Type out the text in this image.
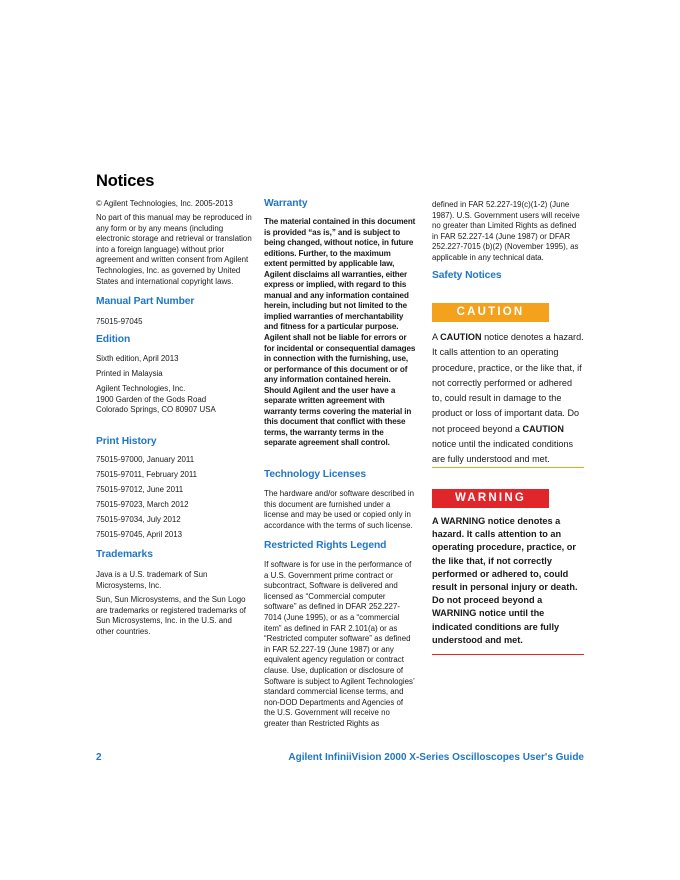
Notices
© Agilent Technologies, Inc. 2005-2013
No part of this manual may be reproduced in any form or by any means (including electronic storage and retrieval or translation into a foreign language) without prior agreement and written consent from Agilent Technologies, Inc. as governed by United States and international copyright laws.
Manual Part Number
75015-97045
Edition
Sixth edition, April 2013
Printed in Malaysia
Agilent Technologies, Inc.
1900 Garden of the Gods Road
Colorado Springs, CO 80907 USA
Print History
75015-97000, January 2011
75015-97011, February 2011
75015-97012, June 2011
75015-97023, March 2012
75015-97034, July 2012
75015-97045, April 2013
Trademarks
Java is a U.S. trademark of Sun Microsystems, Inc.
Sun, Sun Microsystems, and the Sun Logo are trademarks or registered trademarks of Sun Microsystems, Inc. in the U.S. and other countries.
Warranty
The material contained in this document is provided “as is,” and is subject to being changed, without notice, in future editions. Further, to the maximum extent permitted by applicable law, Agilent disclaims all warranties, either express or implied, with regard to this manual and any information contained herein, including but not limited to the implied warranties of merchantability and fitness for a particular purpose. Agilent shall not be liable for errors or for incidental or consequential damages in connection with the furnishing, use, or performance of this document or of any information contained herein. Should Agilent and the user have a separate written agreement with warranty terms covering the material in this document that conflict with these terms, the warranty terms in the separate agreement shall control.
Technology Licenses
The hardware and/or software described in this document are furnished under a license and may be used or copied only in accordance with the terms of such license.
Restricted Rights Legend
If software is for use in the performance of a U.S. Government prime contract or subcontract, Software is delivered and licensed as “Commercial computer software” as defined in DFAR 252.227-7014 (June 1995), or as a “commercial item” as defined in FAR 2.101(a) or as “Restricted computer software” as defined in FAR 52.227-19 (June 1987) or any equivalent agency regulation or contract clause. Use, duplication or disclosure of Software is subject to Agilent Technologies’ standard commercial license terms, and non-DOD Departments and Agencies of the U.S. Government will receive no greater than Restricted Rights as
defined in FAR 52.227-19(c)(1-2) (June 1987). U.S. Government users will receive no greater than Limited Rights as defined in FAR 52.227-14 (June 1987) or DFAR 252.227-7015 (b)(2) (November 1995), as applicable in any technical data.
Safety Notices
CAUTION
A CAUTION notice denotes a hazard. It calls attention to an operating procedure, practice, or the like that, if not correctly performed or adhered to, could result in damage to the product or loss of important data. Do not proceed beyond a CAUTION notice until the indicated conditions are fully understood and met.
WARNING
A WARNING notice denotes a hazard. It calls attention to an operating procedure, practice, or the like that, if not correctly performed or adhered to, could result in personal injury or death. Do not proceed beyond a WARNING notice until the indicated conditions are fully understood and met.
2	Agilent InfiniiVision 2000 X-Series Oscilloscopes User's Guide
